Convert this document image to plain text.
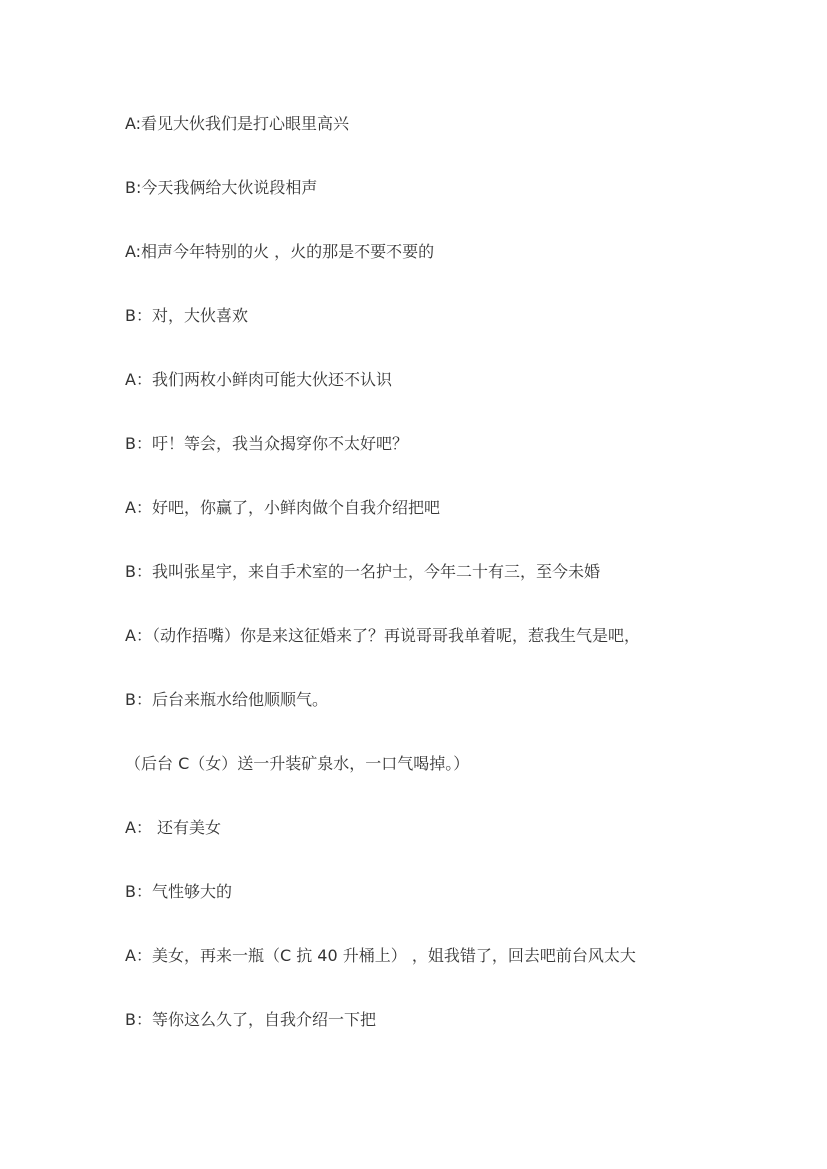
A:看见大伙我们是打心眼里高兴
B:今天我俩给大伙说段相声
A:相声今年特别的火 ，火的那是不要不要的
B：对，大伙喜欢
A：我们两枚小鲜肉可能大伙还不认识
B：吁！等会，我当众揭穿你不太好吧？
A：好吧，你赢了，小鲜肉做个自我介绍把吧
B：我叫张星宇，来自手术室的一名护士，今年二十有三，至今未婚
A：（动作捂嘴）你是来这征婚来了？再说哥哥我单着呢，惹我生气是吧，
B：后台来瓶水给他顺顺气。
（后台 C（女）送一升装矿泉水，一口气喝掉。）
A： 还有美女
B：气性够大的
A：美女，再来一瓶（C 抗 40 升桶上） ，姐我错了，回去吧前台风太大
B：等你这么久了，自我介绍一下把
